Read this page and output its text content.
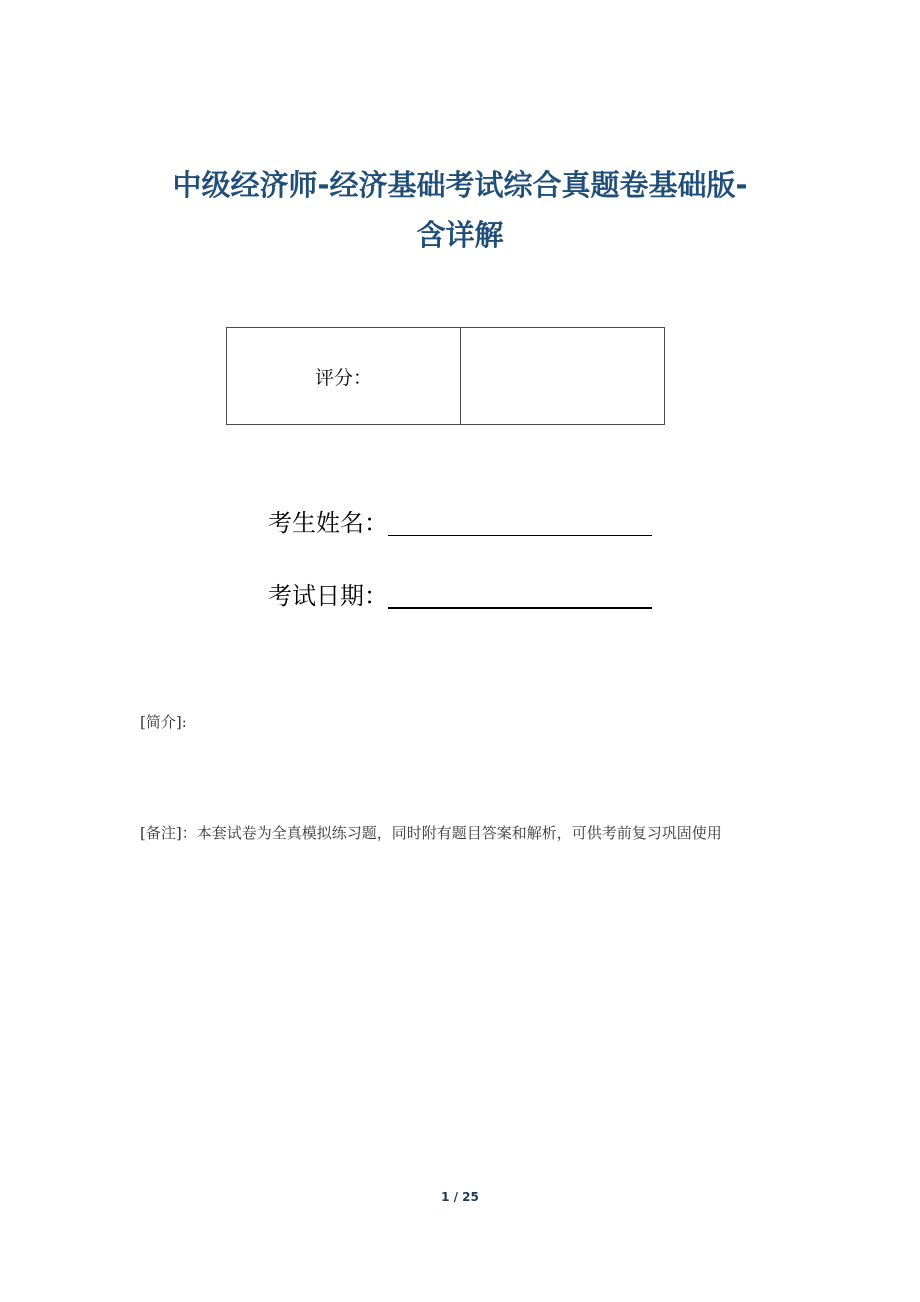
中级经济师-经济基础考试综合真题卷基础版-
含详解
评分：
考生姓名：
考试日期：
[简介]:
[备注]：本套试卷为全真模拟练习题，同时附有题目答案和解析，可供考前复习巩固使用
1 / 25
